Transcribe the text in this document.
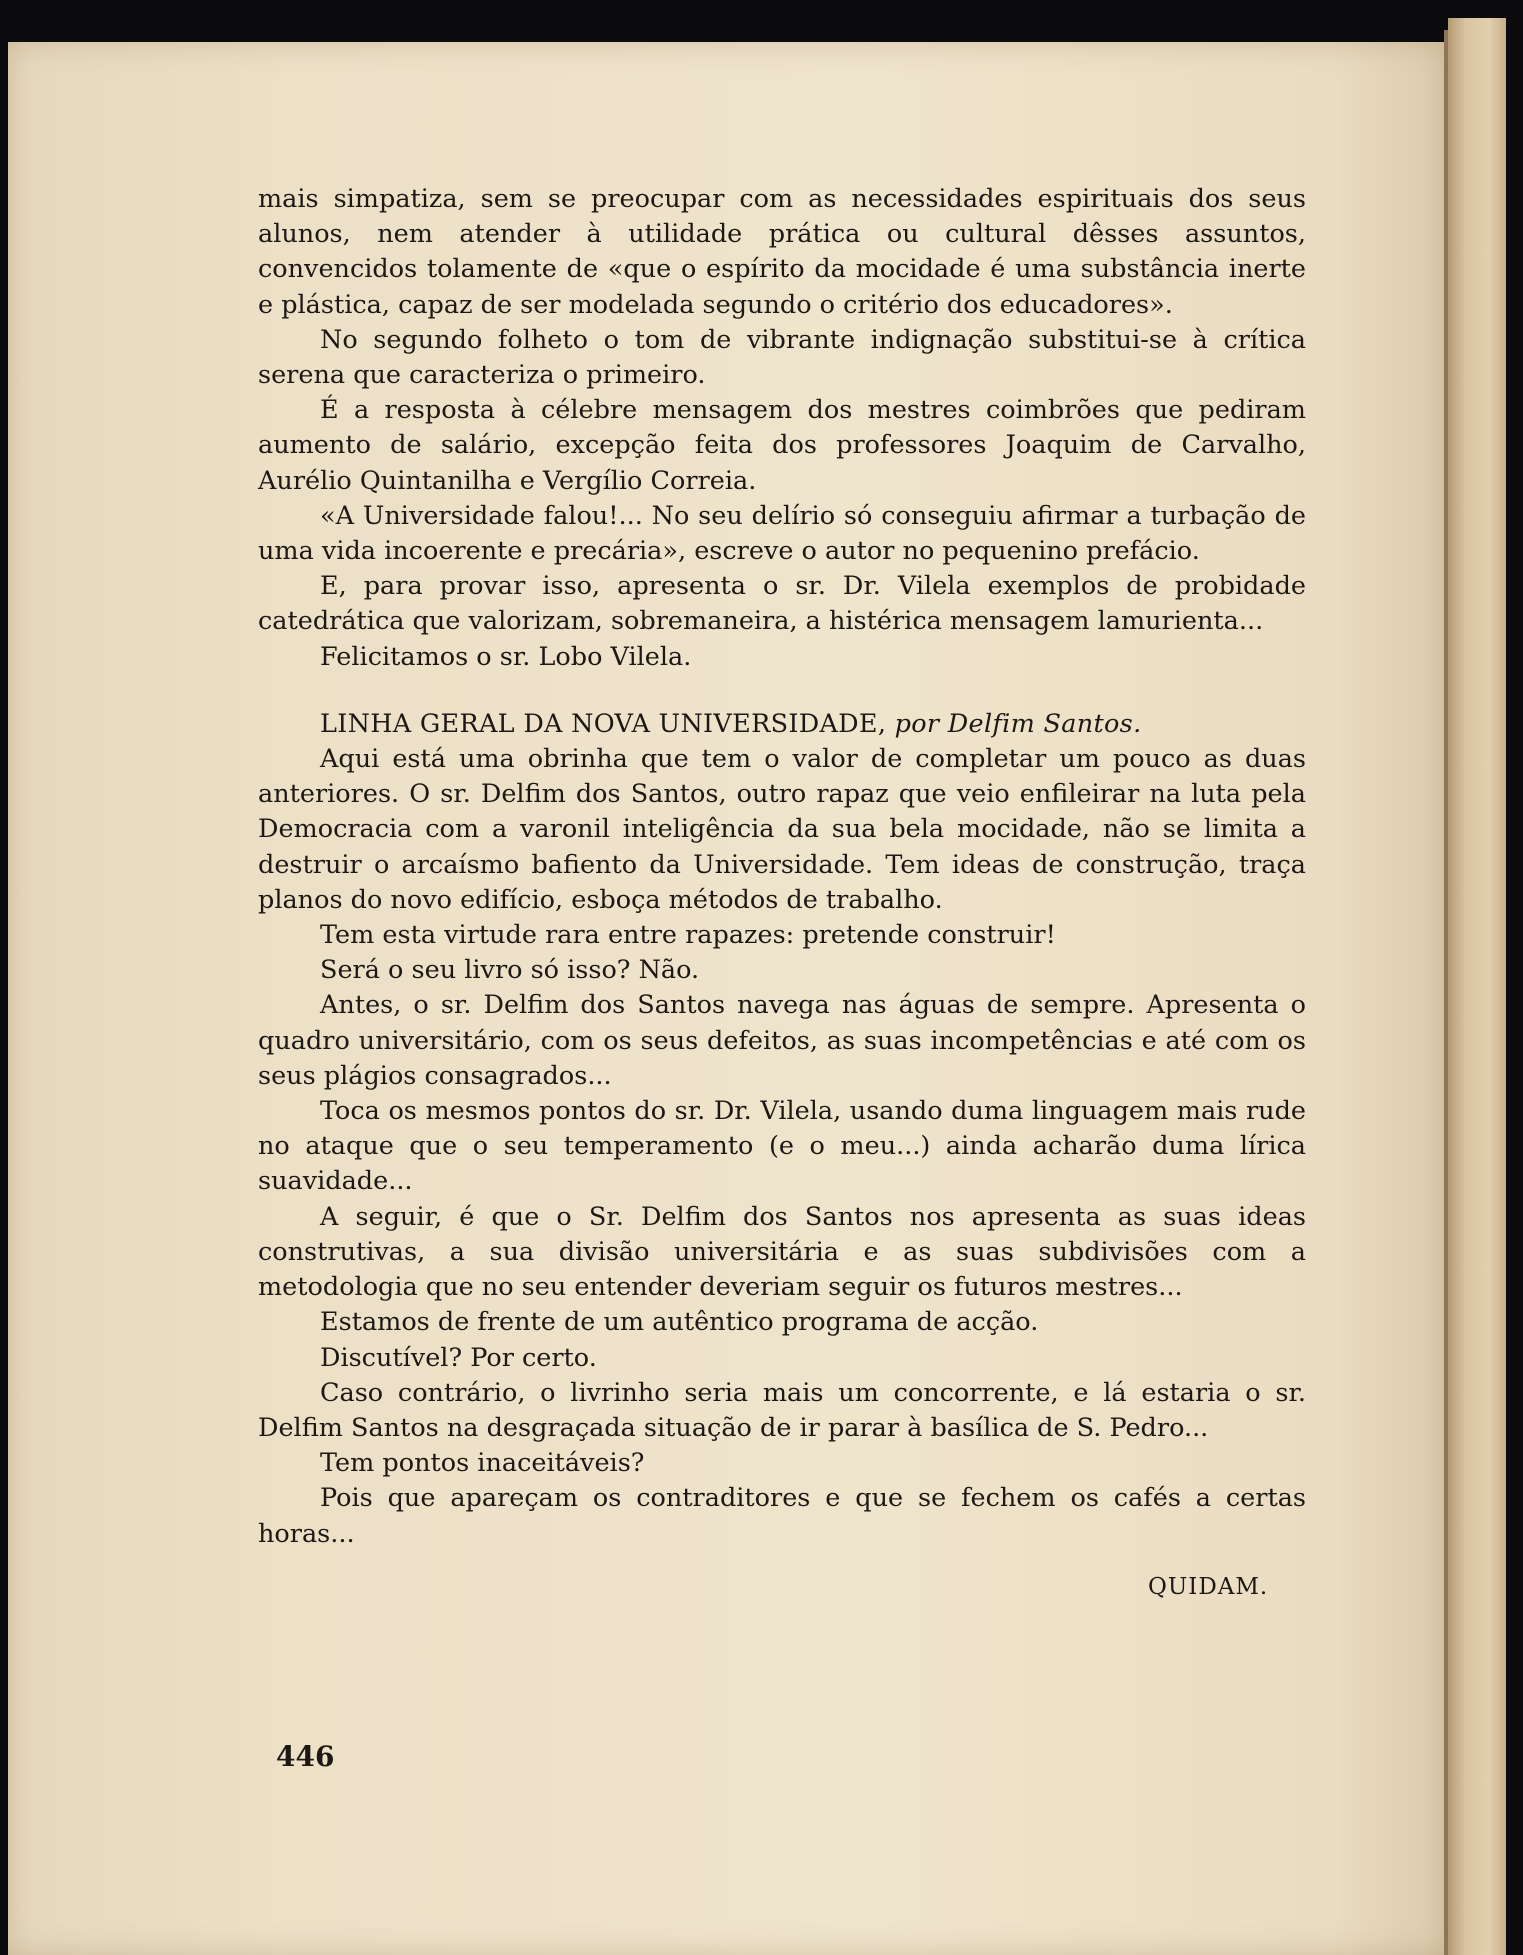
mais simpatiza, sem se preocupar com as necessidades espirituais dos seus alunos, nem atender à utilidade prática ou cultural dêsses assuntos, convencidos tolamente de «que o espírito da mocidade é uma substância inerte e plástica, capaz de ser modelada segundo o critério dos educadores».

No segundo folheto o tom de vibrante indignação substitui-se à crítica serena que caracteriza o primeiro.

É a resposta à célebre mensagem dos mestres coimbrões que pediram aumento de salário, excepção feita dos professores Joaquim de Carvalho, Aurélio Quintanilha e Vergílio Correia.

«A Universidade falou!... No seu delírio só conseguiu afirmar a turbação de uma vida incoerente e precária», escreve o autor no pequenino prefácio.

E, para provar isso, apresenta o sr. Dr. Vilela exemplos de probidade catedrática que valorizam, sobremaneira, a histérica mensagem lamurienta...

Felicitamos o sr. Lobo Vilela.

LINHA GERAL DA NOVA UNIVERSIDADE, por Delfim Santos.

Aqui está uma obrinha que tem o valor de completar um pouco as duas anteriores. O sr. Delfim dos Santos, outro rapaz que veio enfileirar na luta pela Democracia com a varonil inteligência da sua bela mocidade, não se limita a destruir o arcaísmo bafiento da Universidade. Tem ideas de construção, traça planos do novo edifício, esboça métodos de trabalho.

Tem esta virtude rara entre rapazes: pretende construir!

Será o seu livro só isso? Não.

Antes, o sr. Delfim dos Santos navega nas águas de sempre. Apresenta o quadro universitário, com os seus defeitos, as suas incompetências e até com os seus plágios consagrados...

Toca os mesmos pontos do sr. Dr. Vilela, usando duma linguagem mais rude no ataque que o seu temperamento (e o meu...) ainda acharão duma lírica suavidade...

A seguir, é que o Sr. Delfim dos Santos nos apresenta as suas ideas construtivas, a sua divisão universitária e as suas subdivisões com a metodologia que no seu entender deveriam seguir os futuros mestres...

Estamos de frente de um autêntico programa de acção.

Discutível? Por certo.

Caso contrário, o livrinho seria mais um concorrente, e lá estaria o sr. Delfim Santos na desgraçada situação de ir parar à basílica de S. Pedro...

Tem pontos inaceitáveis?

Pois que apareçam os contraditores e que se fechem os cafés a certas horas...

QUIDAM.
446
